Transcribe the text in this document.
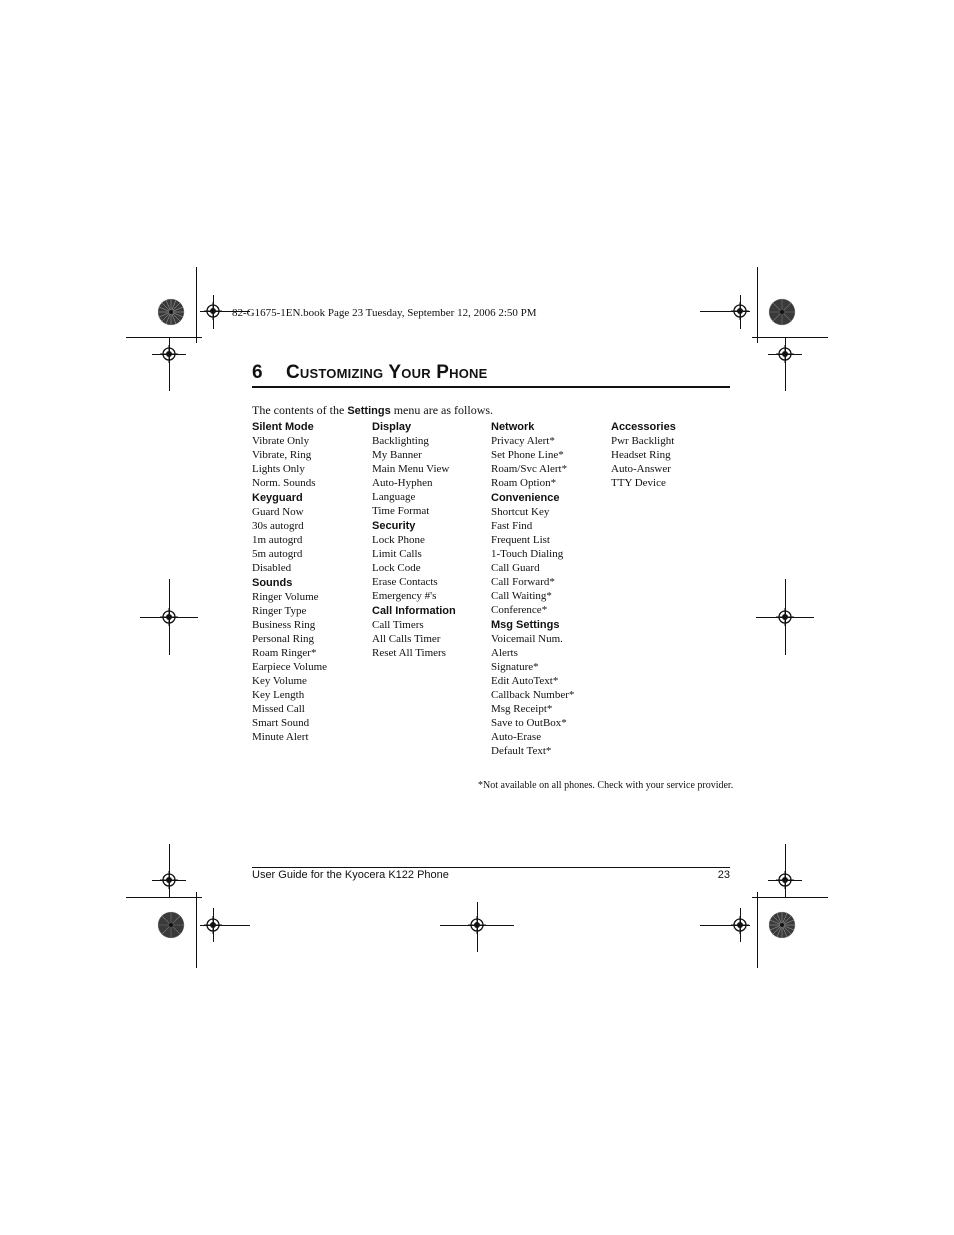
82-G1675-1EN.book Page 23 Tuesday, September 12, 2006 2:50 PM
6 Customizing Your Phone
The contents of the Settings menu are as follows.
Silent Mode
Vibrate Only
Vibrate, Ring
Lights Only
Norm. Sounds
Keyguard
Guard Now
30s autogrd
1m autogrd
5m autogrd
Disabled
Sounds
Ringer Volume
Ringer Type
Business Ring
Personal Ring
Roam Ringer*
Earpiece Volume
Key Volume
Key Length
Missed Call
Smart Sound
Minute Alert
Display
Backlighting
My Banner
Main Menu View
Auto-Hyphen
Language
Time Format
Security
Lock Phone
Limit Calls
Lock Code
Erase Contacts
Emergency #'s
Call Information
Call Timers
All Calls Timer
Reset All Timers
Network
Privacy Alert*
Set Phone Line*
Roam/Svc Alert*
Roam Option*
Convenience
Shortcut Key
Fast Find
Frequent List
1-Touch Dialing
Call Guard
Call Forward*
Call Waiting*
Conference*
Msg Settings
Voicemail Num.
Alerts
Signature*
Edit AutoText*
Callback Number*
Msg Receipt*
Save to OutBox*
Auto-Erase
Default Text*
Accessories
Pwr Backlight
Headset Ring
Auto-Answer
TTY Device
*Not available on all phones. Check with your service provider.
User Guide for the Kyocera K122 Phone	23
